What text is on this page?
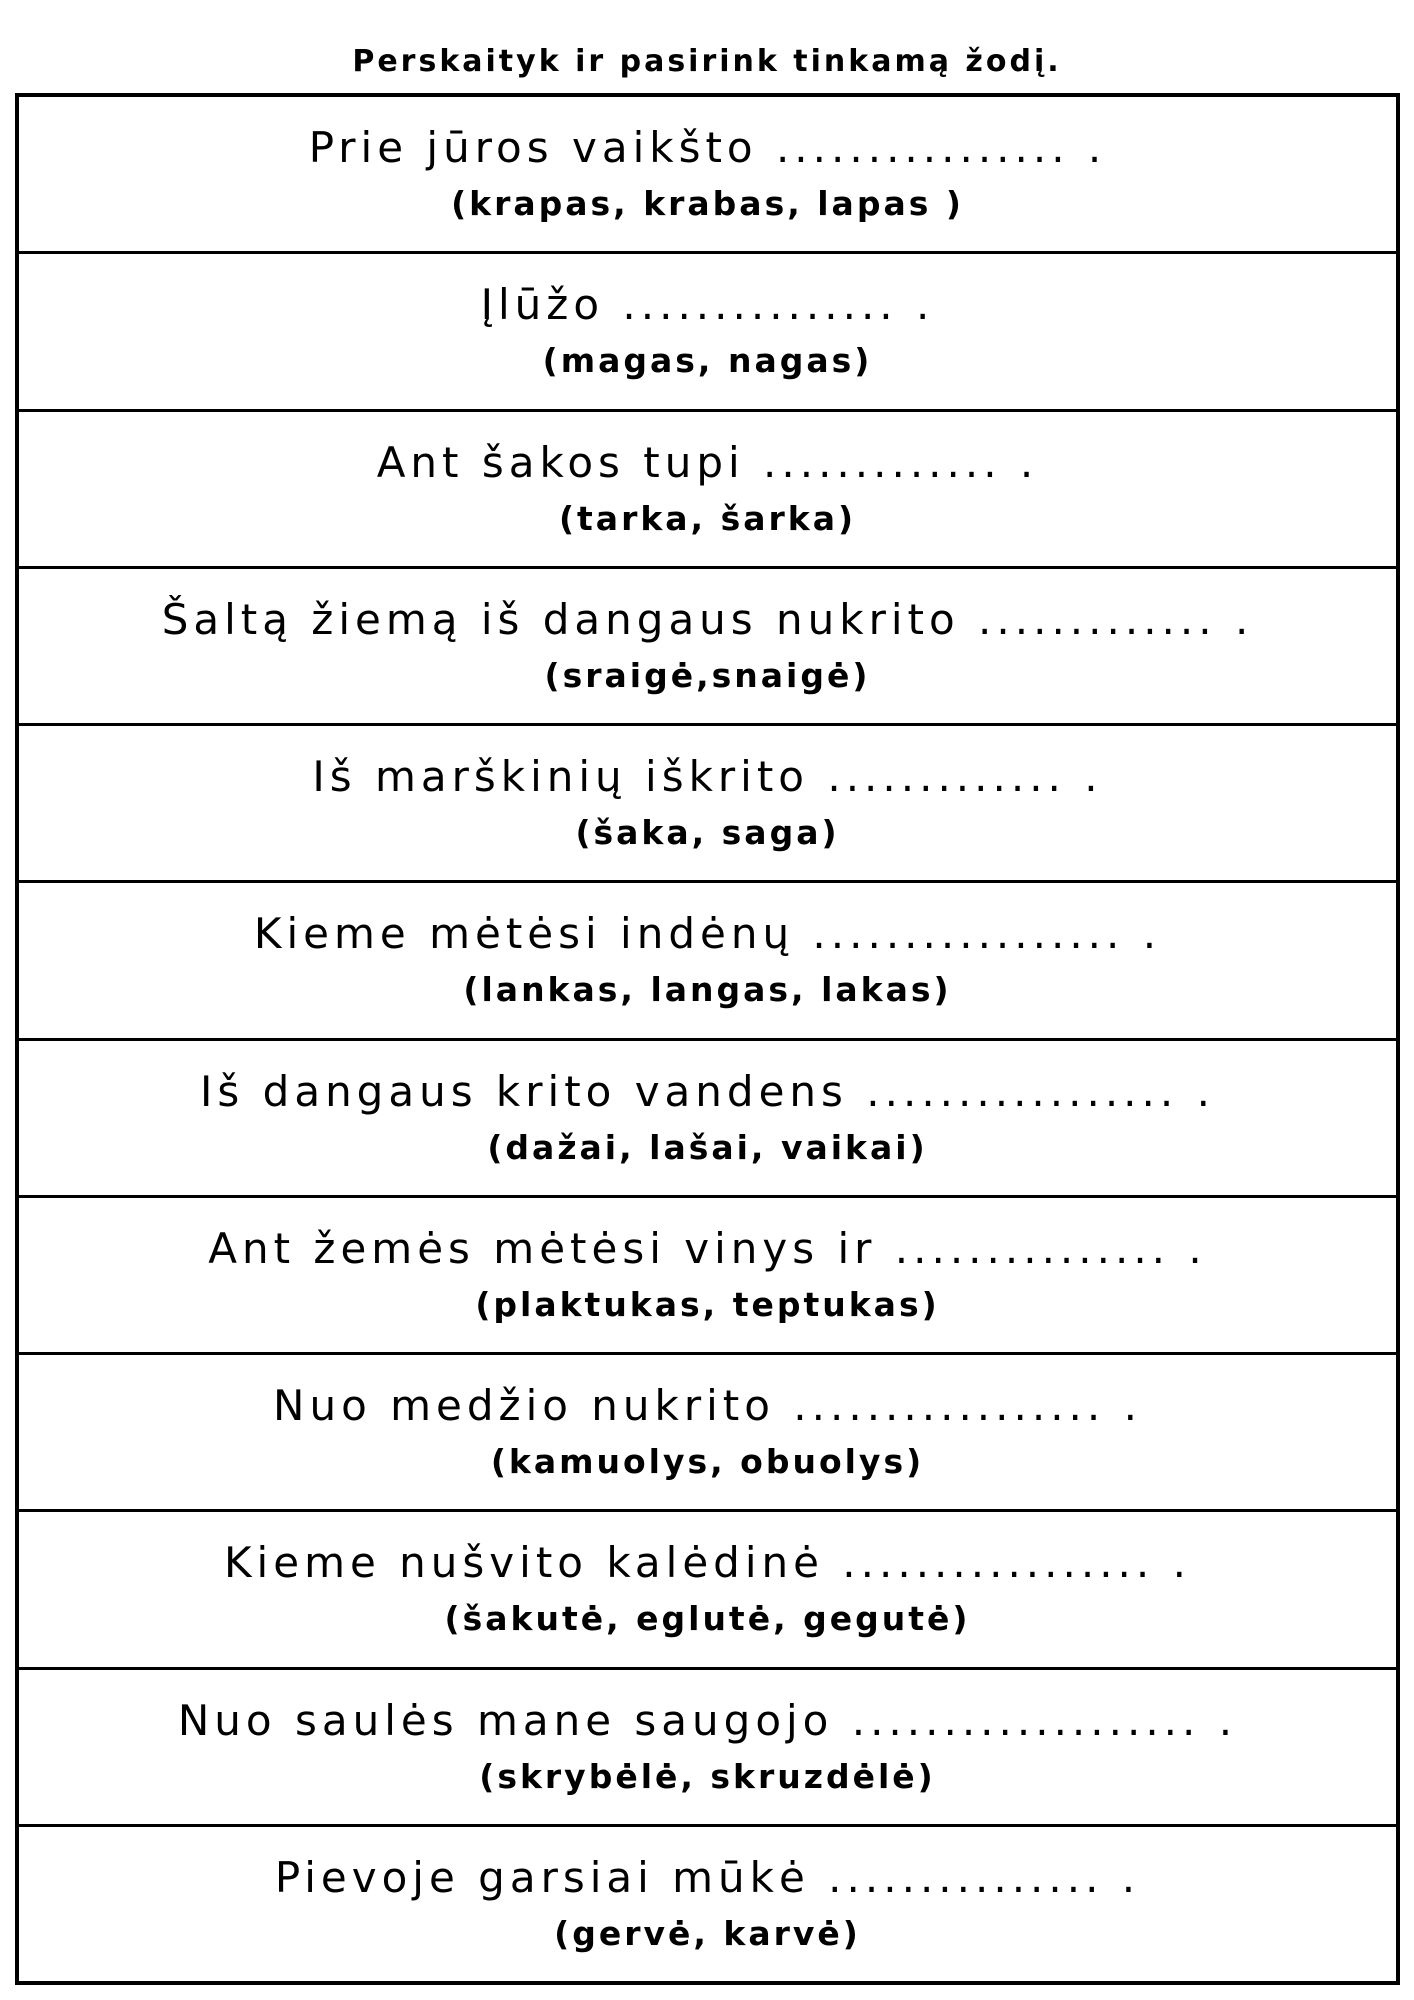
Perskaityk ir pasirink tinkamą žodį.
Prie jūros vaikšto ................ .
(krapas, krabas, lapas )
Įlūžo ............... .
(magas, nagas)
Ant šakos tupi ............. .
(tarka, šarka)
Šaltą žiemą iš dangaus nukrito ............. .
(sraigė,snaigė)
Iš marškinių iškrito ............. .
(šaka, saga)
Kieme mėtėsi indėnų ................. .
(lankas, langas, lakas)
Iš dangaus krito vandens ................. .
(dažai, lašai, vaikai)
Ant žemės mėtėsi vinys ir ............... .
(plaktukas, teptukas)
Nuo medžio nukrito ................. .
(kamuolys, obuolys)
Kieme nušvito kalėdinė ................. .
(šakutė, eglutė, gegutė)
Nuo saulės mane saugojo ................... .
(skrybėlė, skruzdėlė)
Pievoje garsiai mūkė ............... .
(gervė, karvė)
